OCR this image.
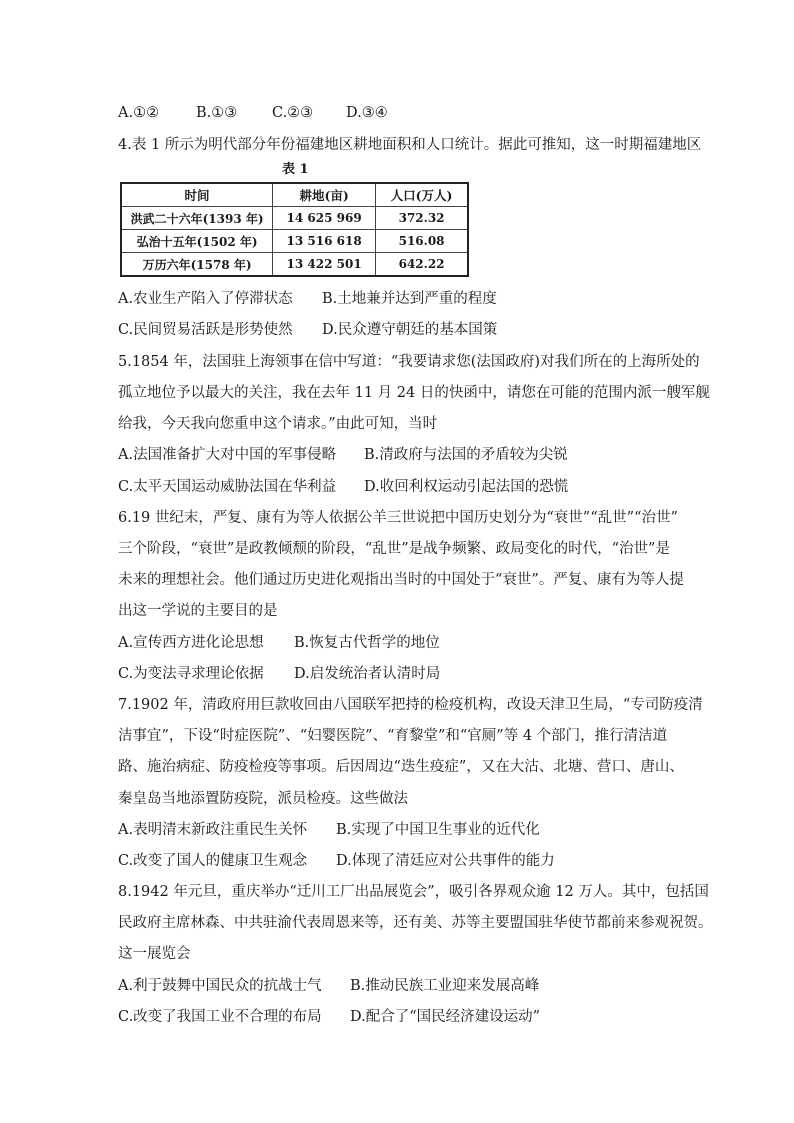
A.①②	B.①③ C.②③ D.③④
4.表 1 所示为明代部分年份福建地区耕地面积和人口统计。据此可推知，这一时期福建地区
表 1
时间	耕地(亩)	人口(万人)
洪武二十六年(1393 年)	14 625 969	372.32
弘治十五年(1502 年)	13 516 618	516.08
万历六年(1578 年)	13 422 501	642.22
A.农业生产陷入了停滞状态 B.土地兼并达到严重的程度
C.民间贸易活跃是形势使然 D.民众遵守朝廷的基本国策
5.1854 年，法国驻上海领事在信中写道：“我要请求您(法国政府)对我们所在的上海所处的
孤立地位予以最大的关注，我在去年 11 月 24 日的快函中，请您在可能的范围内派一艘军舰
给我，今天我向您重申这个请求。”由此可知，当时
A.法国准备扩大对中国的军事侵略 B.清政府与法国的矛盾较为尖锐
C.太平天国运动威胁法国在华利益 D.收回利权运动引起法国的恐慌
6.19 世纪末，严复、康有为等人依据公羊三世说把中国历史划分为“衰世”“乱世”“治世”
三个阶段，“衰世”是政教倾颓的阶段，“乱世”是战争频繁、政局变化的时代，“治世”是
未来的理想社会。他们通过历史进化观指出当时的中国处于“衰世”。严复、康有为等人提
出这一学说的主要目的是
A.宣传西方进化论思想 B.恢复古代哲学的地位
C.为变法寻求理论依据 D.启发统治者认清时局
7.1902 年，清政府用巨款收回由八国联军把持的检疫机构，改设天津卫生局，“专司防疫清
洁事宜”，下设“时症医院”、“妇婴医院”、“育黎堂”和“官厕”等 4 个部门，推行清洁道
路、施治病症、防疫检疫等事项。后因周边“迭生疫症”，又在大沽、北塘、营口、唐山、
秦皇岛当地添置防疫院，派员检疫。这些做法
A.表明清末新政注重民生关怀 B.实现了中国卫生事业的近代化
C.改变了国人的健康卫生观念 D.体现了清廷应对公共事件的能力
8.1942 年元旦，重庆举办“迁川工厂出品展览会”，吸引各界观众逾 12 万人。其中，包括国
民政府主席林森、中共驻渝代表周恩来等，还有美、苏等主要盟国驻华使节都前来参观祝贺。
这一展览会
A.利于鼓舞中国民众的抗战士气 B.推动民族工业迎来发展高峰
C.改变了我国工业不合理的布局 D.配合了“国民经济建设运动”
